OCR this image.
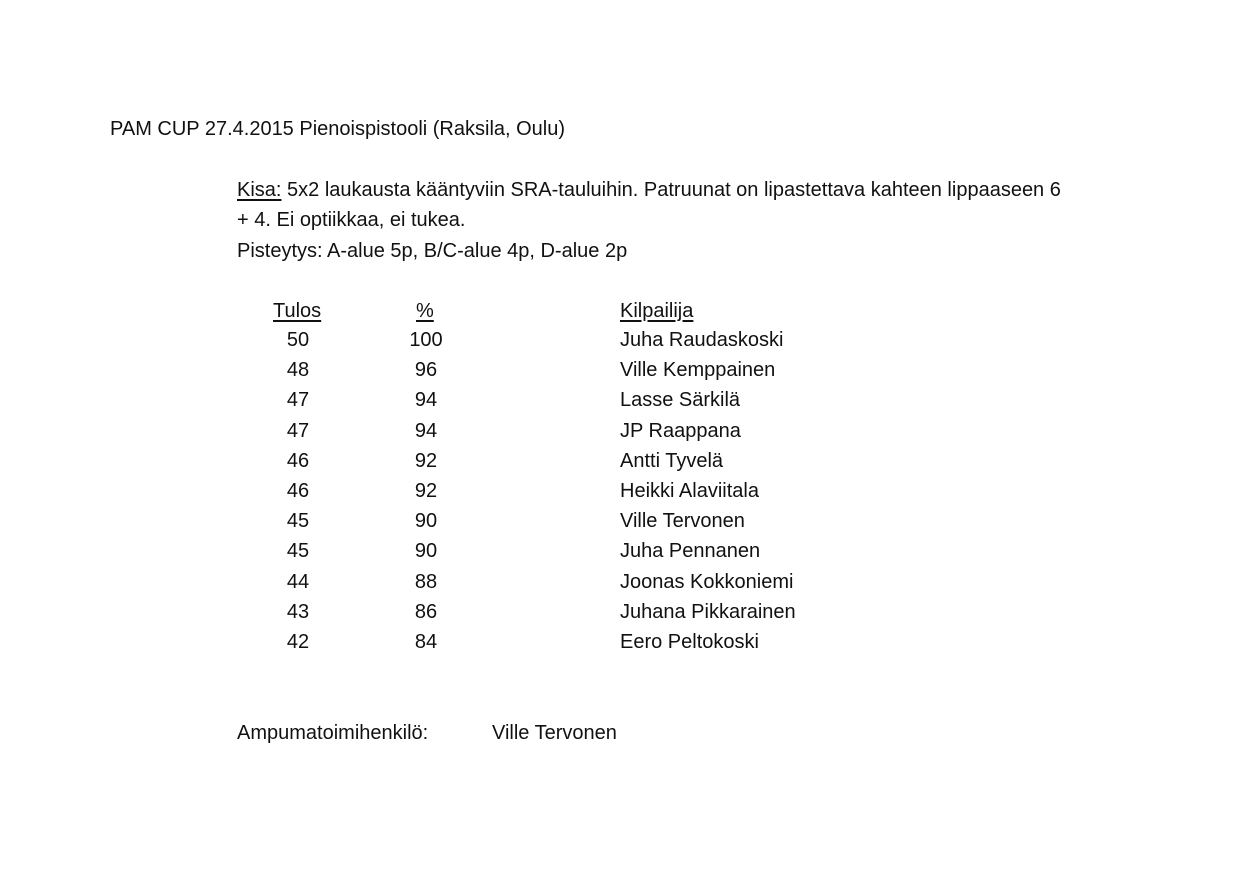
PAM CUP 27.4.2015 Pienoispistooli (Raksila, Oulu)
Kisa: 5x2 laukausta kääntyviin SRA-tauluihin. Patruunat on lipastettava kahteen lippaaseen 6
+ 4. Ei optiikkaa, ei tukea.
Pisteytys: A-alue 5p, B/C-alue 4p, D-alue 2p
Tulos	%	Kilpailija
50	100	Juha Raudaskoski
48	96	Ville Kemppainen
47	94	Lasse Särkilä
47	94	JP Raappana
46	92	Antti Tyvelä
46	92	Heikki Alaviitala
45	90	Ville Tervonen
45	90	Juha Pennanen
44	88	Joonas Kokkoniemi
43	86	Juhana Pikkarainen
42	84	Eero Peltokoski
Ampumatoimihenkilö:	Ville Tervonen
